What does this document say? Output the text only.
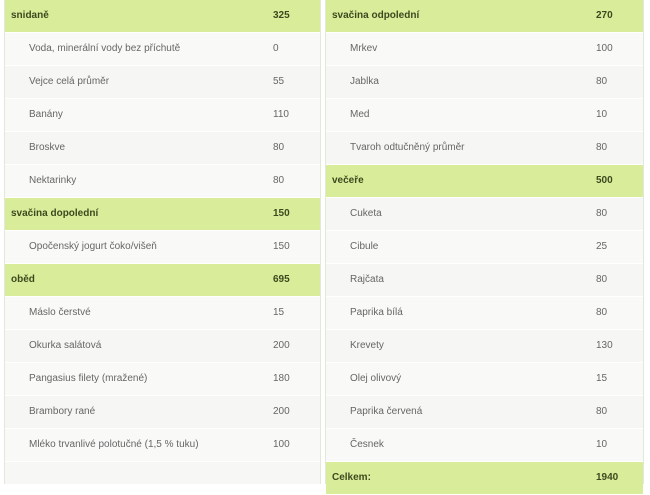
snidaně	325
Voda, minerální vody bez příchutě	0
Vejce celá průměr	55
Banány	110
Broskve	80
Nektarinky	80
svačina dopolední	150
Opočenský jogurt čoko/višeň	150
oběd	695
Máslo čerstvé	15
Okurka salátová	200
Pangasius filety (mražené)	180
Brambory rané	200
Mléko trvanlivé polotučné (1,5 % tuku)	100
svačina odpolední	270
Mrkev	100
Jablka	80
Med	10
Tvaroh odtučněný průměr	80
večeře	500
Cuketa	80
Cibule	25
Rajčata	80
Paprika bílá	80
Krevety	130
Olej olivový	15
Paprika červená	80
Česnek	10
Celkem:	1940
